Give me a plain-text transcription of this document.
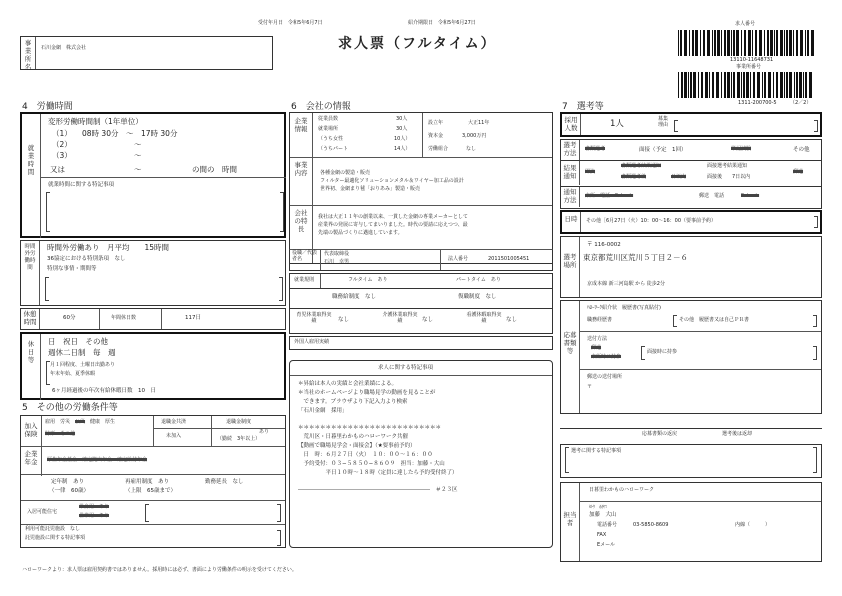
受付年月日　 令和5年6月7日	紹介期限日　 令和5年6月27日
求人票（フルタイム）
求人番号
13110-11648731
事業所番号
1311-200700-5	（2／2）
事業所名
石川金網　株式会社
4　労働時間
就業時間
変形労働時間制（1年単位）
（1） 08時 30分　〜　17時 30分
（2）	〜
（3）	〜
又は	〜	の間の　時間
就業時間に関する特記事項
時間外労働時間
時間外労働あり　月平均　　15時間
36協定における特別条項　なし
特別な事情・期間等
休憩時間
60分	年間休日数	117日
休日等
日　祝日　その他
週休二日制　毎　週
月１回程度、土曜日出勤あり
年末年始、夏季休暇
6ヶ月経過後の年次有給休暇日数　10　日
5　その他の労働条件等
加入保険
雇用　労災　公災　 健康　厚生
財形　その他
退職金共済
未加入
退職金制度
あり
（勤続　3年以上）
企業年金	厚生年金基金　確定拠出年金　確定給付年金
定年制　あり
（一律　60歳）
再雇用制度　あり
（上限　65歳まで）
勤務延長　なし
入居可能住宅
単身用　あり
世帯用　あり
利用可能託児施設　なし
託児施設に関する特記事項
6　会社の情報
企業情報
従業員数	30人
就業場所	30人
（うち女性	10人）
（うちパート	14人）
設立年	大正11年
資本金	3,000万円
労働組合	なし
事業内容	各種金網の製造・販売
フィルター最適化ソリューションメタル＆ワイヤー加工品の設計
世界初、金網まり毬「おりあみ」製造・販売
会社の特長
我社は大正１１年の創業以来、一貫した金網の専業メーカーとして
産業界の発展に寄与してまいりました。時代の要請に応えつつ、最
先端の製品づくりに邁進しています。
役職／代表者名
代表取締役
石川　幸男	法人番号	2011501005451
就業規則	フルタイム　あり	パートタイム　あり
職務給制度　なし	復職制度　なし
育児休業取得実績	なし
介護休業取得実績	なし
看護休暇取得実績	なし
外国人雇用実績
求人に関する特記事項
＊昇給は本人の実績と会社業績による。
＊当社のホームページより職場見学の動画を見ることが
　できます。ブラウザより下記入力より検索
「石川金網　採用」
＊＊＊＊＊＊＊＊＊＊＊＊＊＊＊＊＊＊＊＊＊＊＊＊＊＊
　荒川区・日暮里わかものハローワーク共催
【動画で職場見学会・面接会】（★要事前予約）
　日　時：６月２７日（火）　１０：００〜１６：００
　予約受付：０３−５８５０−８６０９　担当：加藤・大山
　　　　　平日１０時〜１８時（定員に達したら予約受付終了）
――――――――――――――――――――――――　＃２３区
7　選考等
採用人数	1人	募集理由
選考方法
書類選考	面接（予定　1回）	筆記試験	その他
結果通知
即決
書類選考結果通知
書類選考後	日以内
面接選考結果通知
面接後　　7日以内
郵送
通知方法
来所　電話　Eメール	郵送　電話	Eメール
日時	その他［6月27日（火）10：00〜16：00（要事前予約）
選考場所
〒 116-0002
東京都荒川区荒川５丁目２－６
京成本線 新三河島駅 から 徒歩2分
応募書類等
ﾊﾛｰﾜｰｸ紹介状　履歴書(写真貼付)
職務経歴書	その他　履歴書又は自己ＰＲ書
送付方法
郵送
来所時に持参
面接時に持参
郵送の送付場所
〒
応募書類の返戻	選考後は返却
選考に関する特記事項
担当者
日暮里わかものハローワーク
ｶﾄｳ　ｵｵﾔﾏ
加藤　大山
電話番号	03-5850-8609	内線（　　　）
FAX
Eメール
ハローワークより：求人票は雇用契約書ではありません。採用時には必ず、書面により労働条件の明示を受けてください。
